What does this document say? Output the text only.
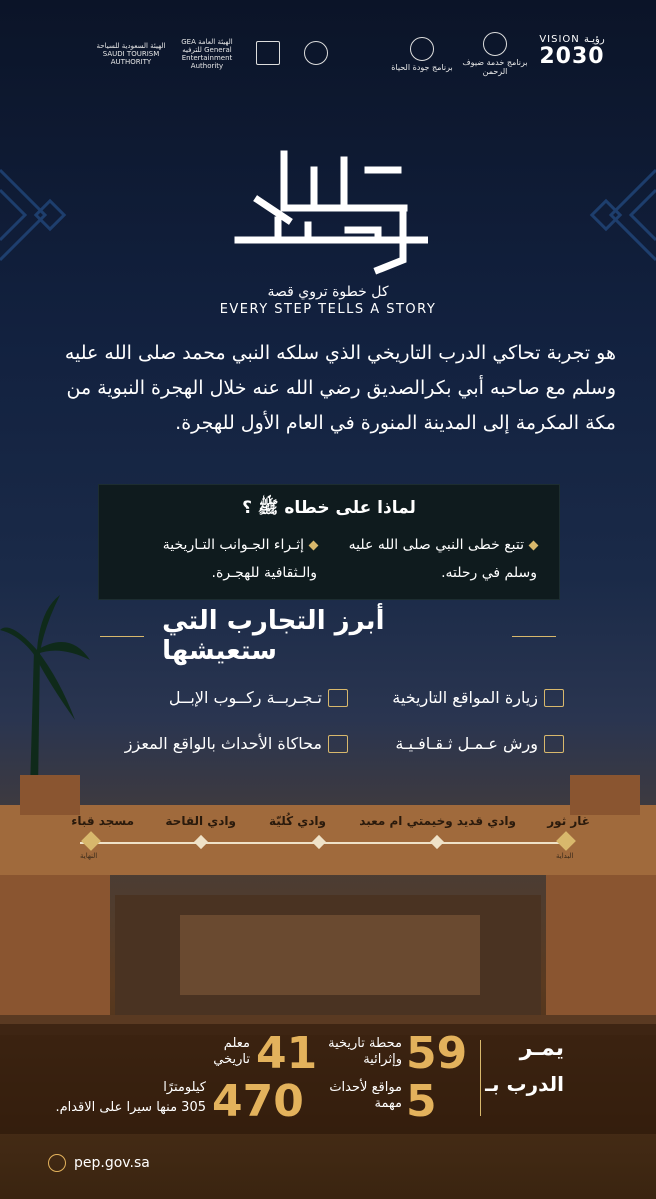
VISION رؤيـة
2030
برنامج خدمة ضيوف الرحمن
برنامج جودة الحياة
GEA الهيئة العامة للترفيه General Entertainment Authority
الهيئة السعودية للسياحة SAUDI TOURISM AUTHORITY
كل خطوة تروي قصة
EVERY STEP TELLS A STORY
هو تجربة تحاكي الدرب التاريخي الذي سلكه النبي محمد صلى الله عليه وسلم مع صاحبه أبي بكرالصديق رضي الله عنه خلال الهجرة النبوية من مكة المكرمة إلى المدينة المنورة في العام الأول للهجرة.
لماذا على خطاه ﷺ ؟
تتبع خطى النبي صلى الله عليه وسلم في رحلته.
إثـراء الجـوانب التـاريخية والـثقافية للهجـرة.
أبرز التجارب التي ستعيشها
زيارة المواقع التاريخية
تـجـربــة ركــوب الإبــل
ورش عـمـل ثـقـافـيـة
محاكاة الأحداث بالواقع المعزز
غار ثور
وادي قديد وخيمتي ام معبد
وادي كُليّة
وادي القاحة
مسجد قباء
البداية
النهاية
يمـر
الدرب بـ
59
محطة تاريخية وإثرائية
41
معلم تاريخي
5
مواقع لأحداث مهمة
470
كيلومترًا
305 منها سيرا على الاقدام.
pep.gov.sa
